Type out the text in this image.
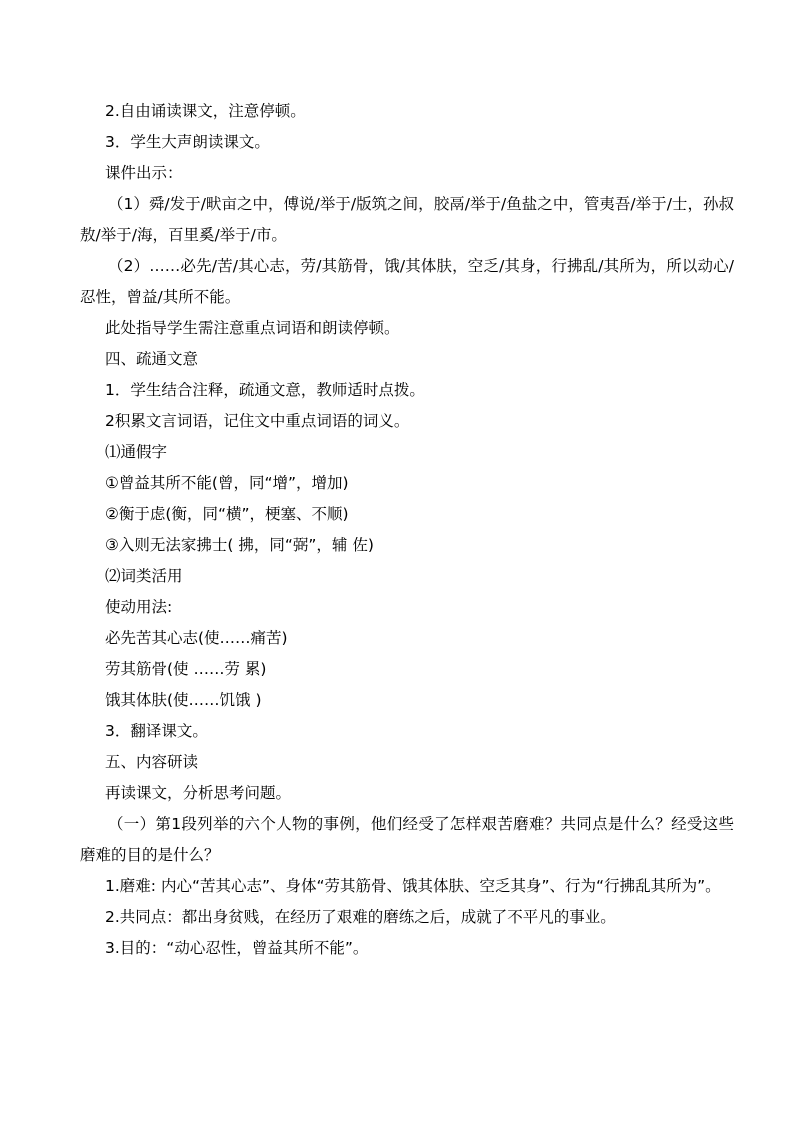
2.自由诵读课文，注意停顿。

3．学生大声朗读课文。

课件出示：

（1）舜/发于/畎亩之中，傅说/举于/版筑之间，胶鬲/举于/鱼盐之中，管夷吾/举于/士，孙叔敖/举于/海，百里奚/举于/市。

（2）……必先/苦/其心志，劳/其筋骨，饿/其体肤，空乏/其身，行拂乱/其所为，所以动心/忍性，曾益/其所不能。

此处指导学生需注意重点词语和朗读停顿。

四、疏通文意

1．学生结合注释，疏通文意，教师适时点拨。

2积累文言词语，记住文中重点词语的词义。

⑴通假字

①曾益其所不能(曾，同“增”，增加)

②衡于虑(衡，同“横”，梗塞、不顺)

③入则无法家拂士( 拂，同“弼”，辅 佐)

⑵词类活用

使动用法:

必先苦其心志(使……痛苦)

劳其筋骨(使 ……劳 累)

饿其体肤(使……饥饿 )

3．翻译课文。

五、内容研读

再读课文，分析思考问题。

（一）第1段列举的六个人物的事例，他们经受了怎样艰苦磨难？共同点是什么？经受这些磨难的目的是什么？

1.磨难: 内心“苦其心志”、身体“劳其筋骨、饿其体肤、空乏其身”、行为“行拂乱其所为”。

2.共同点：都出身贫贱，在经历了艰难的磨练之后，成就了不平凡的事业。

3.目的：“动心忍性，曾益其所不能”。
